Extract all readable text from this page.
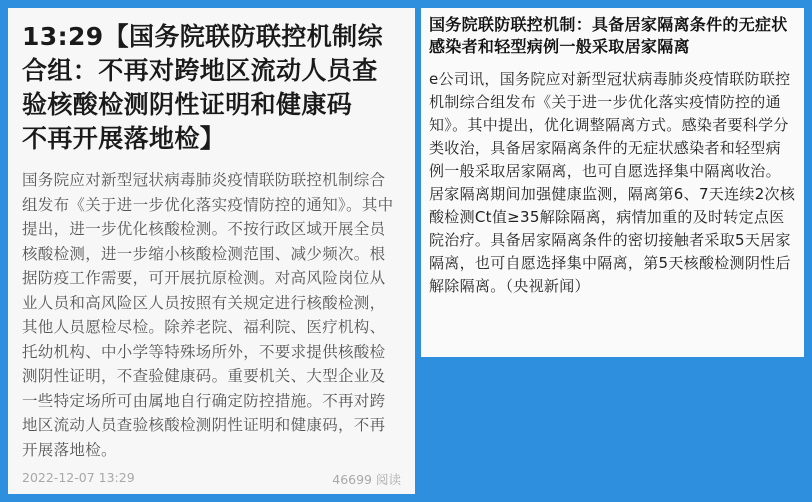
13:29【国务院联防联控机制综合组：不再对跨地区流动人员查验核酸检测阴性证明和健康码　不再开展落地检】

国务院应对新型冠状病毒肺炎疫情联防联控机制综合组发布《关于进一步优化落实疫情防控的通知》。其中提出，进一步优化核酸检测。不按行政区域开展全员核酸检测，进一步缩小核酸检测范围、减少频次。根据防疫工作需要，可开展抗原检测。对高风险岗位从业人员和高风险区人员按照有关规定进行核酸检测，其他人员愿检尽检。除养老院、福利院、医疗机构、托幼机构、中小学等特殊场所外，不要求提供核酸检测阴性证明，不查验健康码。重要机关、大型企业及一些特定场所可由属地自行确定防控措施。不再对跨地区流动人员查验核酸检测阴性证明和健康码，不再开展落地检。

2022-12-07 13:29	46699 阅读
国务院联防联控机制：具备居家隔离条件的无症状感染者和轻型病例一般采取居家隔离

e公司讯，国务院应对新型冠状病毒肺炎疫情联防联控机制综合组发布《关于进一步优化落实疫情防控的通知》。其中提出，优化调整隔离方式。感染者要科学分类收治，具备居家隔离条件的无症状感染者和轻型病例一般采取居家隔离，也可自愿选择集中隔离收治。居家隔离期间加强健康监测，隔离第6、7天连续2次核酸检测Ct值≥35解除隔离，病情加重的及时转定点医院治疗。具备居家隔离条件的密切接触者采取5天居家隔离，也可自愿选择集中隔离，第5天核酸检测阴性后解除隔离。（央视新闻）
